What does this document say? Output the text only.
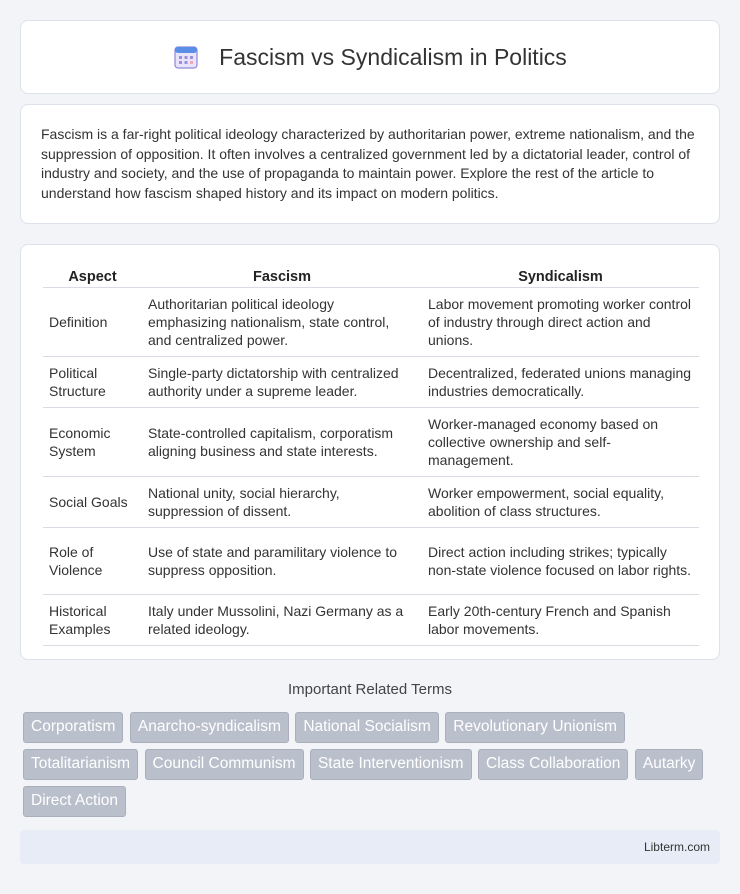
Fascism vs Syndicalism in Politics

Fascism is a far-right political ideology characterized by authoritarian power, extreme nationalism, and the suppression of opposition. It often involves a centralized government led by a dictatorial leader, control of industry and society, and the use of propaganda to maintain power. Explore the rest of the article to understand how fascism shaped history and its impact on modern politics.

Aspect	Fascism	Syndicalism
Definition	Authoritarian political ideology emphasizing nationalism, state control, and centralized power.	Labor movement promoting worker control of industry through direct action and unions.
Political Structure	Single-party dictatorship with centralized authority under a supreme leader.	Decentralized, federated unions managing industries democratically.
Economic System	State-controlled capitalism, corporatism aligning business and state interests.	Worker-managed economy based on collective ownership and self-management.
Social Goals	National unity, social hierarchy, suppression of dissent.	Worker empowerment, social equality, abolition of class structures.
Role of Violence	Use of state and paramilitary violence to suppress opposition.	Direct action including strikes; typically non-state violence focused on labor rights.
Historical Examples	Italy under Mussolini, Nazi Germany as a related ideology.	Early 20th-century French and Spanish labor movements.
Important Related Terms
Corporatism Anarcho-syndicalism National Socialism Revolutionary Unionism Totalitarianism Council Communism State Interventionism Class Collaboration Autarky Direct Action
Libterm.com
